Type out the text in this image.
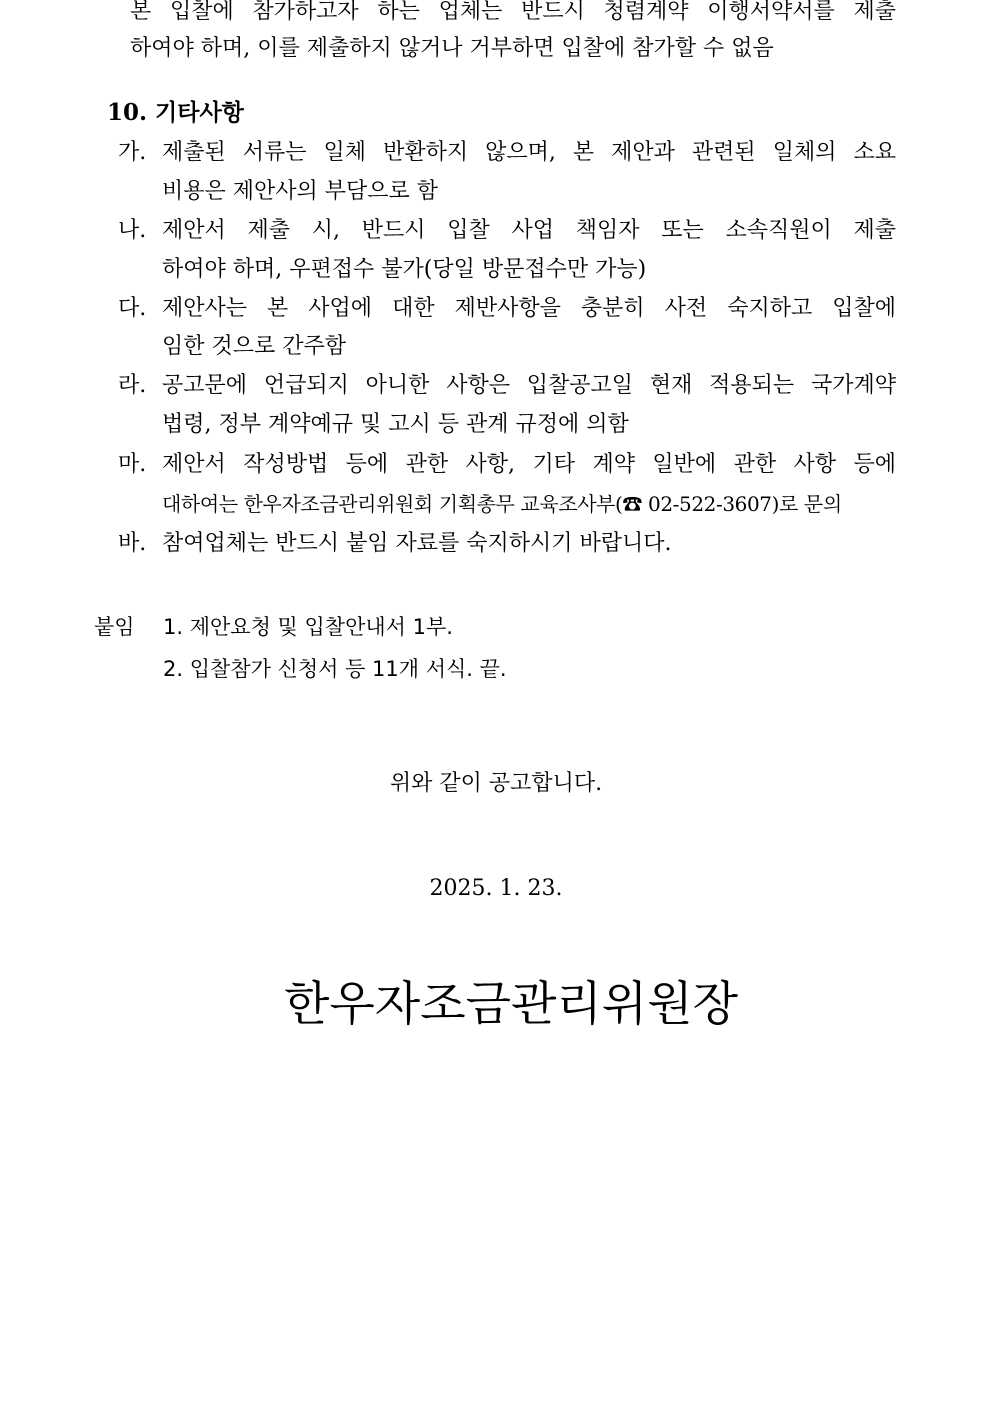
본 입찰에 참가하고자 하는 업체는 반드시 청렴계약 이행서약서를 제출
하여야 하며, 이를 제출하지 않거나 거부하면 입찰에 참가할 수 없음
10. 기타사항
가. 제출된 서류는 일체 반환하지 않으며, 본 제안과 관련된 일체의 소요
비용은 제안사의 부담으로 함
나. 제안서 제출 시, 반드시 입찰 사업 책임자 또는 소속직원이 제출
하여야 하며, 우편접수 불가(당일 방문접수만 가능)
다. 제안사는 본 사업에 대한 제반사항을 충분히 사전 숙지하고 입찰에
임한 것으로 간주함
라. 공고문에 언급되지 아니한 사항은 입찰공고일 현재 적용되는 국가계약
법령, 정부 계약예규 및 고시 등 관계 규정에 의함
마. 제안서 작성방법 등에 관한 사항, 기타 계약 일반에 관한 사항 등에
대하여는 한우자조금관리위원회 기획총무 교육조사부(☎ 02-522-3607)로 문의
바. 참여업체는 반드시 붙임 자료를 숙지하시기 바랍니다.
붙임 1. 제안요청 및 입찰안내서 1부.
2. 입찰참가 신청서 등 11개 서식. 끝.
위와 같이 공고합니다.
2025. 1. 23.
한우자조금관리위원장
